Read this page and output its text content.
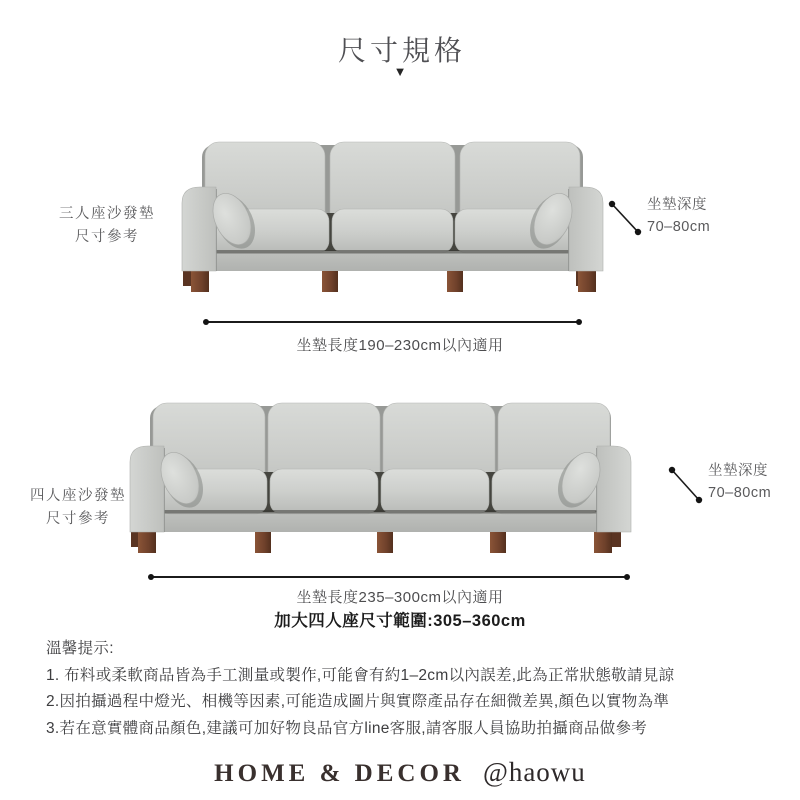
尺寸規格
▼
三人座沙發墊
尺寸參考
坐墊深度
70–80cm
坐墊長度190–230cm以內適用
四人座沙發墊
尺寸參考
坐墊深度
70–80cm
坐墊長度235–300cm以內適用
加大四人座尺寸範圍:305–360cm
溫馨提示:
1. 布料或柔軟商品皆為手工測量或製作,可能會有約1–2cm以內誤差,此為正常狀態敬請見諒
2.因拍攝過程中燈光、相機等因素,可能造成圖片與實際產品存在細微差異,顏色以實物為準
3.若在意實體商品顏色,建議可加好物良品官方line客服,請客服人員協助拍攝商品做參考
HOME & DECOR @haowu
